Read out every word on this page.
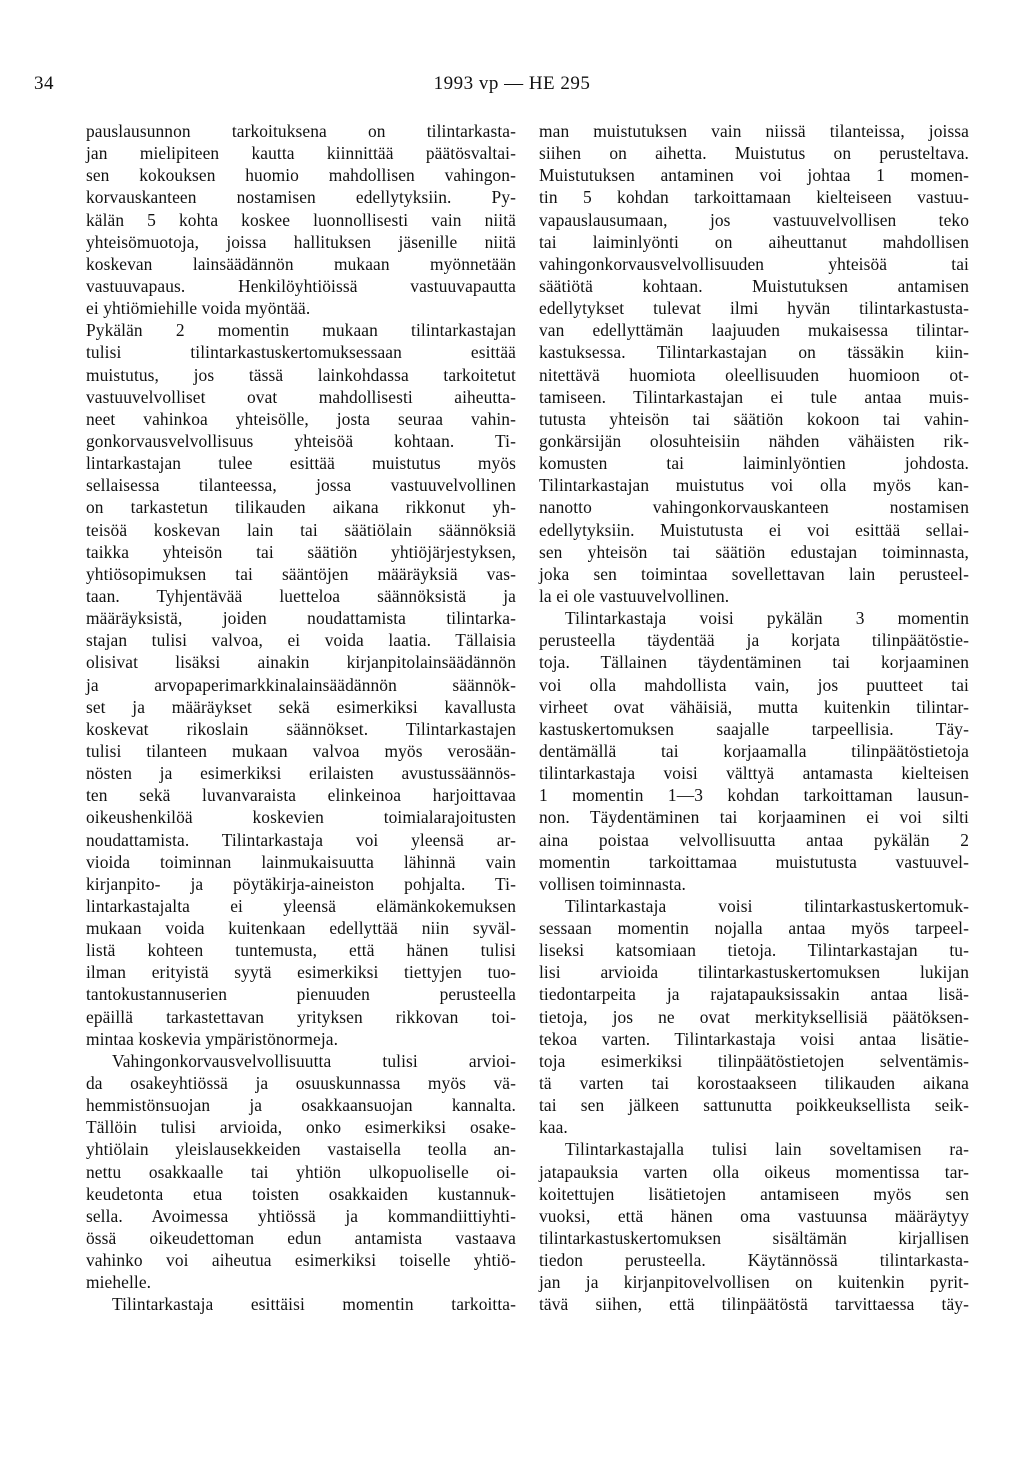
34	1993 vp — HE 295
pauslausunnon tarkoituksena on tilintarkasta-
jan mielipiteen kautta kiinnittää päätösvaltai-
sen kokouksen huomio mahdollisen vahingon-
korvauskanteen nostamisen edellytyksiin. Py-
kälän 5 kohta koskee luonnollisesti vain niitä
yhteisömuotoja, joissa hallituksen jäsenille niitä
koskevan lainsäädännön mukaan myönnetään
vastuuvapaus. Henkilöyhtiöissä vastuuvapautta
ei yhtiömiehille voida myöntää.
Pykälän 2 momentin mukaan tilintarkastajan
tulisi tilintarkastuskertomuksessaan esittää
muistutus, jos tässä lainkohdassa tarkoitetut
vastuuvelvolliset ovat mahdollisesti aiheutta-
neet vahinkoa yhteisölle, josta seuraa vahin-
gonkorvausvelvollisuus yhteisöä kohtaan. Ti-
lintarkastajan tulee esittää muistutus myös
sellaisessa tilanteessa, jossa vastuuvelvollinen
on tarkastetun tilikauden aikana rikkonut yh-
teisöä koskevan lain tai säätiölain säännöksiä
taikka yhteisön tai säätiön yhtiöjärjestyksen,
yhtiösopimuksen tai sääntöjen määräyksiä vas-
taan. Tyhjentävää luetteloa säännöksistä ja
määräyksistä, joiden noudattamista tilintarka-
stajan tulisi valvoa, ei voida laatia. Tällaisia
olisivat lisäksi ainakin kirjanpitolainsäädännön
ja arvopaperimarkkinalainsäädännön säännök-
set ja määräykset sekä esimerkiksi kavallusta
koskevat rikoslain säännökset. Tilintarkastajen
tulisi tilanteen mukaan valvoa myös verosään-
nösten ja esimerkiksi erilaisten avustussäännös-
ten sekä luvanvaraista elinkeinoa harjoittavaa
oikeushenkilöä koskevien toimialarajoitusten
noudattamista. Tilintarkastaja voi yleensä ar-
vioida toiminnan lainmukaisuutta lähinnä vain
kirjanpito- ja pöytäkirja-aineiston pohjalta. Ti-
lintarkastajalta ei yleensä elämänkokemuksen
mukaan voida kuitenkaan edellyttää niin syväl-
listä kohteen tuntemusta, että hänen tulisi
ilman erityistä syytä esimerkiksi tiettyjen tuo-
tantokustannuserien pienuuden perusteella
epäillä tarkastettavan yrityksen rikkovan toi-
mintaa koskevia ympäristönormeja.
Vahingonkorvausvelvollisuutta tulisi arvioi-
da osakeyhtiössä ja osuuskunnassa myös vä-
hemmistönsuojan ja osakkaansuojan kannalta.
Tällöin tulisi arvioida, onko esimerkiksi osake-
yhtiölain yleislausekkeiden vastaisella teolla an-
nettu osakkaalle tai yhtiön ulkopuoliselle oi-
keudetonta etua toisten osakkaiden kustannuk-
sella. Avoimessa yhtiössä ja kommandiittiyhti-
össä oikeudettoman edun antamista vastaava
vahinko voi aiheutua esimerkiksi toiselle yhtiö-
miehelle.
Tilintarkastaja esittäisi momentin tarkoitta-
man muistutuksen vain niissä tilanteissa, joissa
siihen on aihetta. Muistutus on perusteltava.
Muistutuksen antaminen voi johtaa 1 momen-
tin 5 kohdan tarkoittamaan kielteiseen vastuu-
vapauslausumaan, jos vastuuvelvollisen teko
tai laiminlyönti on aiheuttanut mahdollisen
vahingonkorvausvelvollisuuden yhteisöä tai
säätiötä kohtaan. Muistutuksen antamisen
edellytykset tulevat ilmi hyvän tilintarkastusta-
van edellyttämän laajuuden mukaisessa tilintar-
kastuksessa. Tilintarkastajan on tässäkin kiin-
nitettävä huomiota oleellisuuden huomioon ot-
tamiseen. Tilintarkastajan ei tule antaa muis-
tutusta yhteisön tai säätiön kokoon tai vahin-
gonkärsijän olosuhteisiin nähden vähäisten rik-
komusten tai laiminlyöntien johdosta.
Tilintarkastajan muistutus voi olla myös kan-
nanotto vahingonkorvauskanteen nostamisen
edellytyksiin. Muistutusta ei voi esittää sellai-
sen yhteisön tai säätiön edustajan toiminnasta,
joka sen toimintaa sovellettavan lain perusteel-
la ei ole vastuuvelvollinen.
Tilintarkastaja voisi pykälän 3 momentin
perusteella täydentää ja korjata tilinpäätöstie-
toja. Tällainen täydentäminen tai korjaaminen
voi olla mahdollista vain, jos puutteet tai
virheet ovat vähäisiä, mutta kuitenkin tilintar-
kastuskertomuksen saajalle tarpeellisia. Täy-
dentämällä tai korjaamalla tilinpäätöstietoja
tilintarkastaja voisi välttyä antamasta kielteisen
1 momentin 1—3 kohdan tarkoittaman lausun-
non. Täydentäminen tai korjaaminen ei voi silti
aina poistaa velvollisuutta antaa pykälän 2
momentin tarkoittamaa muistutusta vastuuvel-
vollisen toiminnasta.
Tilintarkastaja voisi tilintarkastuskertomuk-
sessaan momentin nojalla antaa myös tarpeel-
liseksi katsomiaan tietoja. Tilintarkastajan tu-
lisi arvioida tilintarkastuskertomuksen lukijan
tiedontarpeita ja rajatapauksissakin antaa lisä-
tietoja, jos ne ovat merkityksellisiä päätöksen-
tekoa varten. Tilintarkastaja voisi antaa lisätie-
toja esimerkiksi tilinpäätöstietojen selventämis-
tä varten tai korostaakseen tilikauden aikana
tai sen jälkeen sattunutta poikkeuksellista seik-
kaa.
Tilintarkastajalla tulisi lain soveltamisen ra-
jatapauksia varten olla oikeus momentissa tar-
koitettujen lisätietojen antamiseen myös sen
vuoksi, että hänen oma vastuunsa määräytyy
tilintarkastuskertomuksen sisältämän kirjallisen
tiedon perusteella. Käytännössä tilintarkasta-
jan ja kirjanpitovelvollisen on kuitenkin pyrit-
tävä siihen, että tilinpäätöstä tarvittaessa täy-
